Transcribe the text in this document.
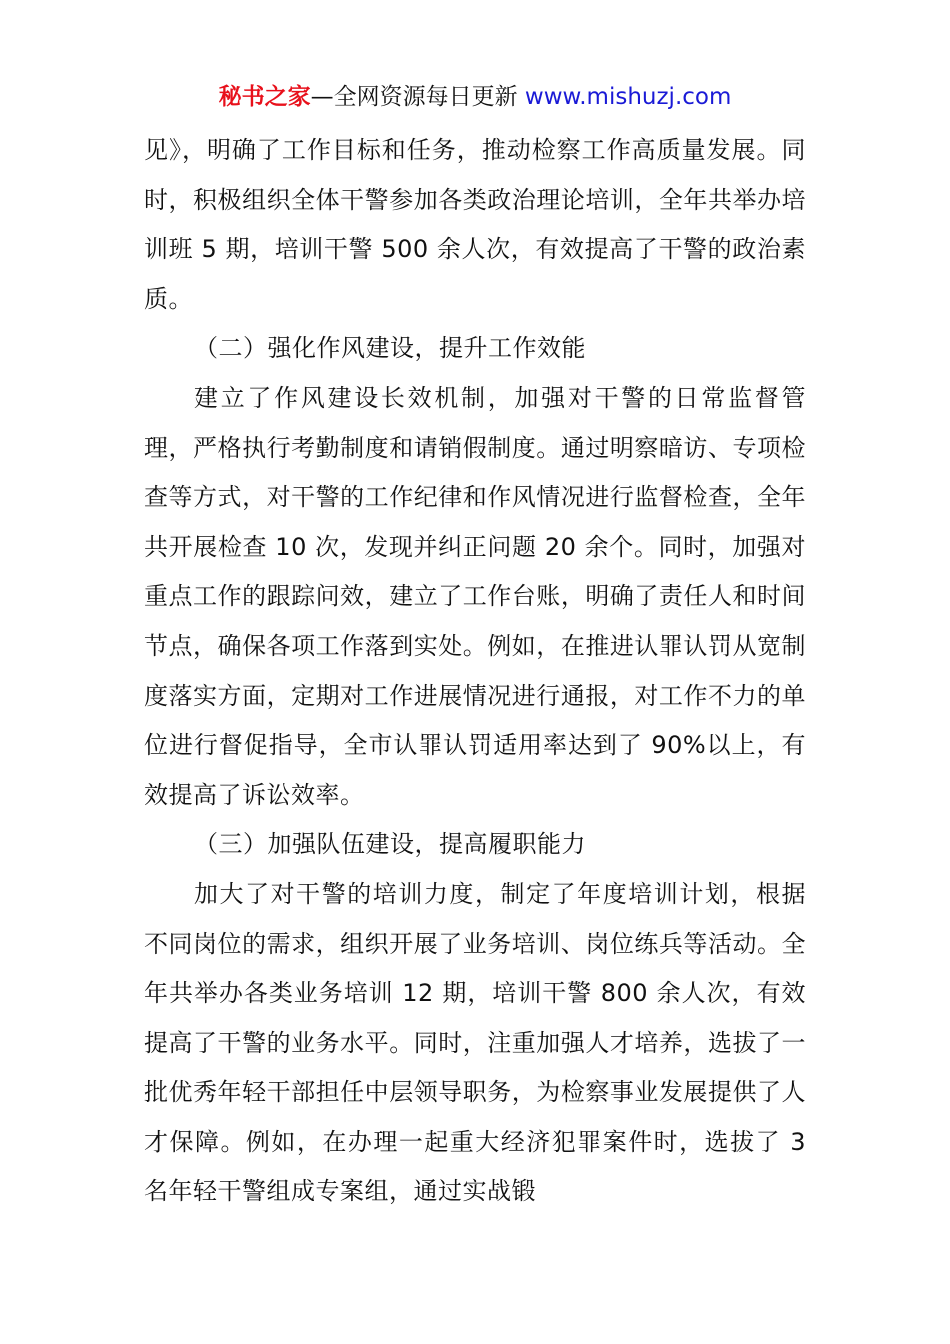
秘书之家—全网资源每日更新 www.mishuzj.com

见》，明确了工作目标和任务，推动检察工作高质量发展。同时，积极组织全体干警参加各类政治理论培训，全年共举办培训班 5 期，培训干警 500 余人次，有效提高了干警的政治素质。

（二）强化作风建设，提升工作效能

建立了作风建设长效机制，加强对干警的日常监督管理，严格执行考勤制度和请销假制度。通过明察暗访、专项检查等方式，对干警的工作纪律和作风情况进行监督检查，全年共开展检查 10 次，发现并纠正问题 20 余个。同时，加强对重点工作的跟踪问效，建立了工作台账，明确了责任人和时间节点，确保各项工作落到实处。例如，在推进认罪认罚从宽制度落实方面，定期对工作进展情况进行通报，对工作不力的单位进行督促指导，全市认罪认罚适用率达到了 90%以上，有效提高了诉讼效率。

（三）加强队伍建设，提高履职能力

加大了对干警的培训力度，制定了年度培训计划，根据不同岗位的需求，组织开展了业务培训、岗位练兵等活动。全年共举办各类业务培训 12 期，培训干警 800 余人次，有效提高了干警的业务水平。同时，注重加强人才培养，选拔了一批优秀年轻干部担任中层领导职务，为检察事业发展提供了人才保障。例如，在办理一起重大经济犯罪案件时，选拔了 3 名年轻干警组成专案组，通过实战锻
